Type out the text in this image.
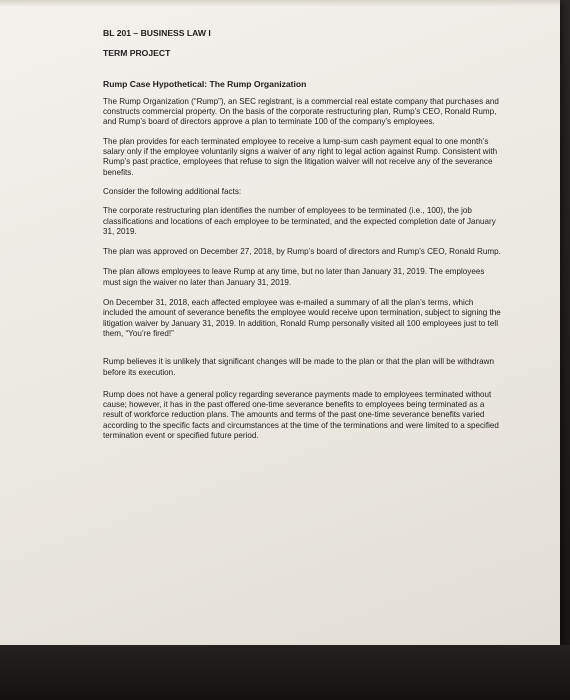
BL 201 – BUSINESS LAW I

TERM PROJECT

Rump Case Hypothetical: The Rump Organization

The Rump Organization (“Rump”), an SEC registrant, is a commercial real estate company that purchases and constructs commercial property. On the basis of the corporate restructuring plan, Rump’s CEO, Ronald Rump, and Rump’s board of directors approve a plan to terminate 100 of the company’s employees.

The plan provides for each terminated employee to receive a lump-sum cash payment equal to one month’s salary only if the employee voluntarily signs a waiver of any right to legal action against Rump. Consistent with Rump’s past practice, employees that refuse to sign the litigation waiver will not receive any of the severance benefits.

Consider the following additional facts:

The corporate restructuring plan identifies the number of employees to be terminated (i.e., 100), the job classifications and locations of each employee to be terminated, and the expected completion date of January 31, 2019.

The plan was approved on December 27, 2018, by Rump’s board of directors and Rump’s CEO, Ronald Rump.

The plan allows employees to leave Rump at any time, but no later than January 31, 2019. The employees must sign the waiver no later than January 31, 2019.

On December 31, 2018, each affected employee was e-mailed a summary of all the plan’s terms, which included the amount of severance benefits the employee would receive upon termination, subject to signing the litigation waiver by January 31, 2019. In addition, Ronald Rump personally visited all 100 employees just to tell them, “You’re fired!”

Rump believes it is unlikely that significant changes will be made to the plan or that the plan will be withdrawn before its execution.

Rump does not have a general policy regarding severance payments made to employees terminated without cause; however, it has in the past offered one-time severance benefits to employees being terminated as a result of workforce reduction plans. The amounts and terms of the past one-time severance benefits varied according to the specific facts and circumstances at the time of the terminations and were limited to a specified termination event or specified future period.
